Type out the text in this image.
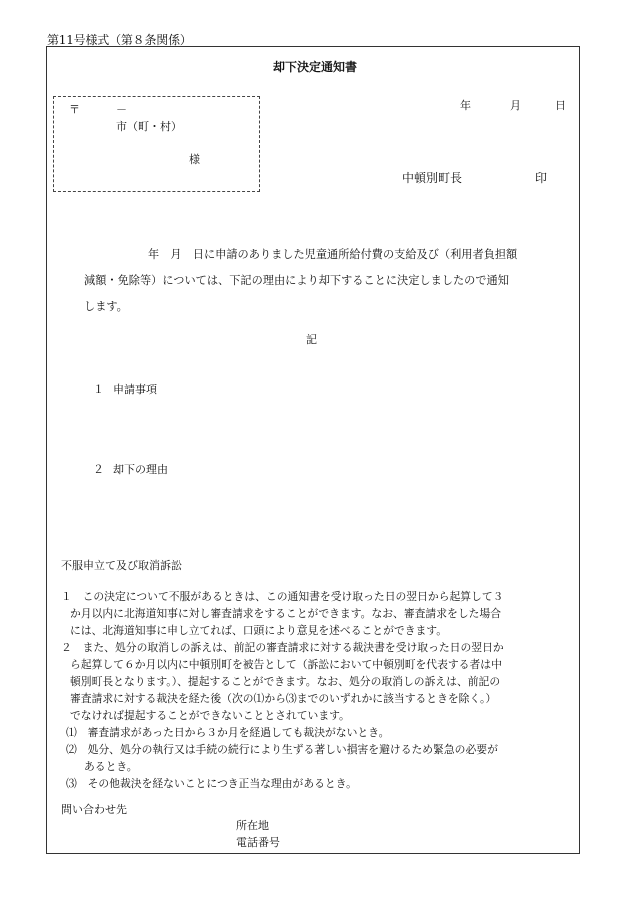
第11号様式（第８条関係）
却下決定通知書
〒	－
市（町・村）
様
年	月	日
中頓別町長	印
年　月　日に申請のありました児童通所給付費の支給及び（利用者負担額
減額・免除等）については、下記の理由により却下することに決定しましたので通知
します。
記
１ 申請事項
２ 却下の理由
不服申立て及び取消訴訟
１　この決定について不服があるときは、この通知書を受け取った日の翌日から起算して３
か月以内に北海道知事に対し審査請求をすることができます。なお、審査請求をした場合
には、北海道知事に申し立てれば、口頭により意見を述べることができます。
２　また、処分の取消しの訴えは、前記の審査請求に対する裁決書を受け取った日の翌日か
ら起算して６か月以内に中頓別町を被告として（訴訟において中頓別町を代表する者は中
頓別町長となります。）、提起することができます。なお、処分の取消しの訴えは、前記の
審査請求に対する裁決を経た後（次の⑴から⑶までのいずれかに該当するときを除く。）
でなければ提起することができないこととされています。
⑴　審査請求があった日から３か月を経過しても裁決がないとき。
⑵　処分、処分の執行又は手続の続行により生ずる著しい損害を避けるため緊急の必要が
あるとき。
⑶　その他裁決を経ないことにつき正当な理由があるとき。
問い合わせ先
所在地
電話番号
